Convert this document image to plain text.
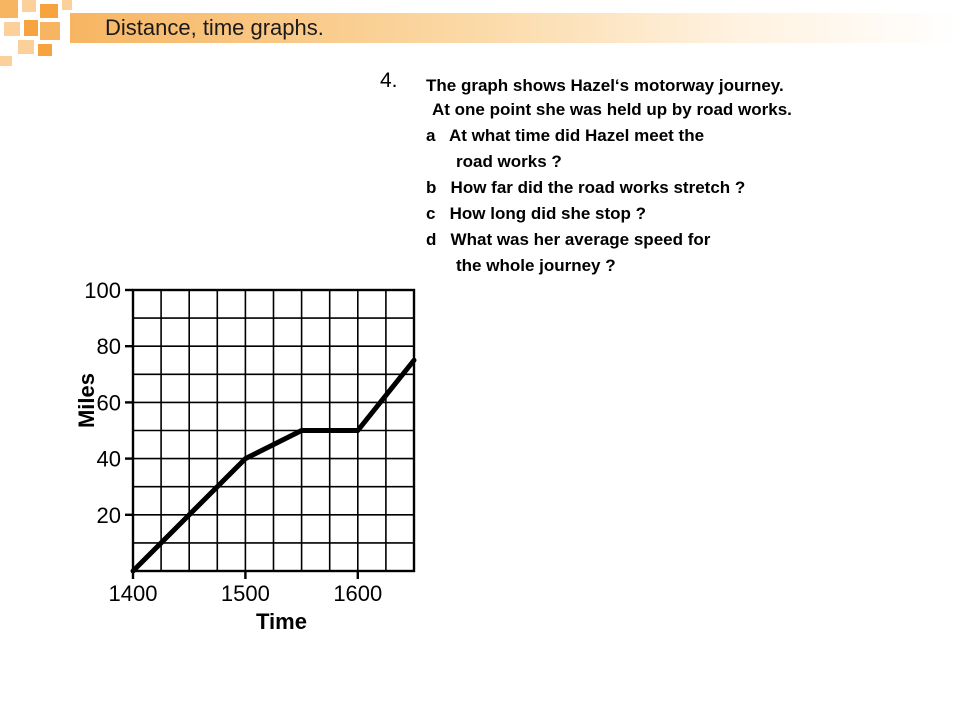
Distance, time graphs.
4. The graph shows Hazel‘s motorway journey.
At one point she was held up by road works.
a   At what time did Hazel meet the
road works ?
b   How far did the road works stretch ?
c   How long did she stop ?
d   What was her average speed for
the whole journey ?
20
40
60
80
100
1400	1500	1600
Time
Miles
